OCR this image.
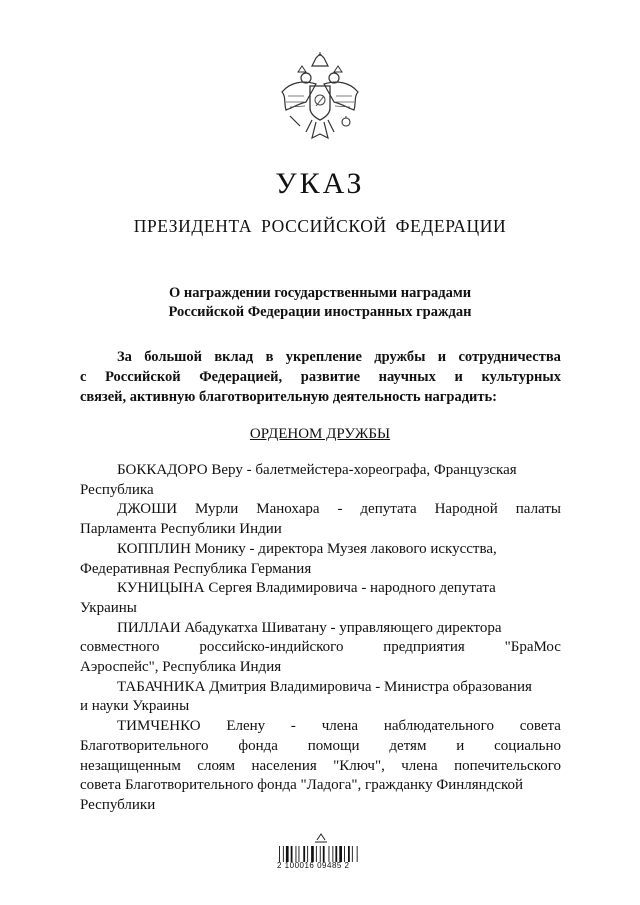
УКАЗ
ПРЕЗИДЕНТА РОССИЙСКОЙ ФЕДЕРАЦИИ
О награждении государственными наградами
Российской Федерации иностранных граждан
За большой вклад в укрепление дружбы и сотрудничества
с Российской Федерацией, развитие научных и культурных
связей, активную благотворительную деятельность наградить:
ОРДЕНОМ ДРУЖБЫ
БОККАДОРО Веру - балетмейстера-хореографа, Французская
Республика
ДЖОШИ Мурли Манохара - депутата Народной палаты
Парламента Республики Индии
КОППЛИН Монику - директора Музея лакового искусства,
Федеративная Республика Германия
КУНИЦЫНА Сергея Владимировича - народного депутата
Украины
ПИЛЛАИ Абадукатха Шиватану - управляющего директора
совместного	российско-индийского	предприятия	"БраМос
Аэроспейс", Республика Индия
ТАБАЧНИКА Дмитрия Владимировича - Министра образования
и науки Украины
ТИМЧЕНКО Елену - члена наблюдательного совета
Благотворительного фонда помощи детям и социально
незащищенным слоям населения "Ключ", члена попечительского
совета Благотворительного фонда "Ладога", гражданку Финляндской
Республики
2 100016 09485 2
